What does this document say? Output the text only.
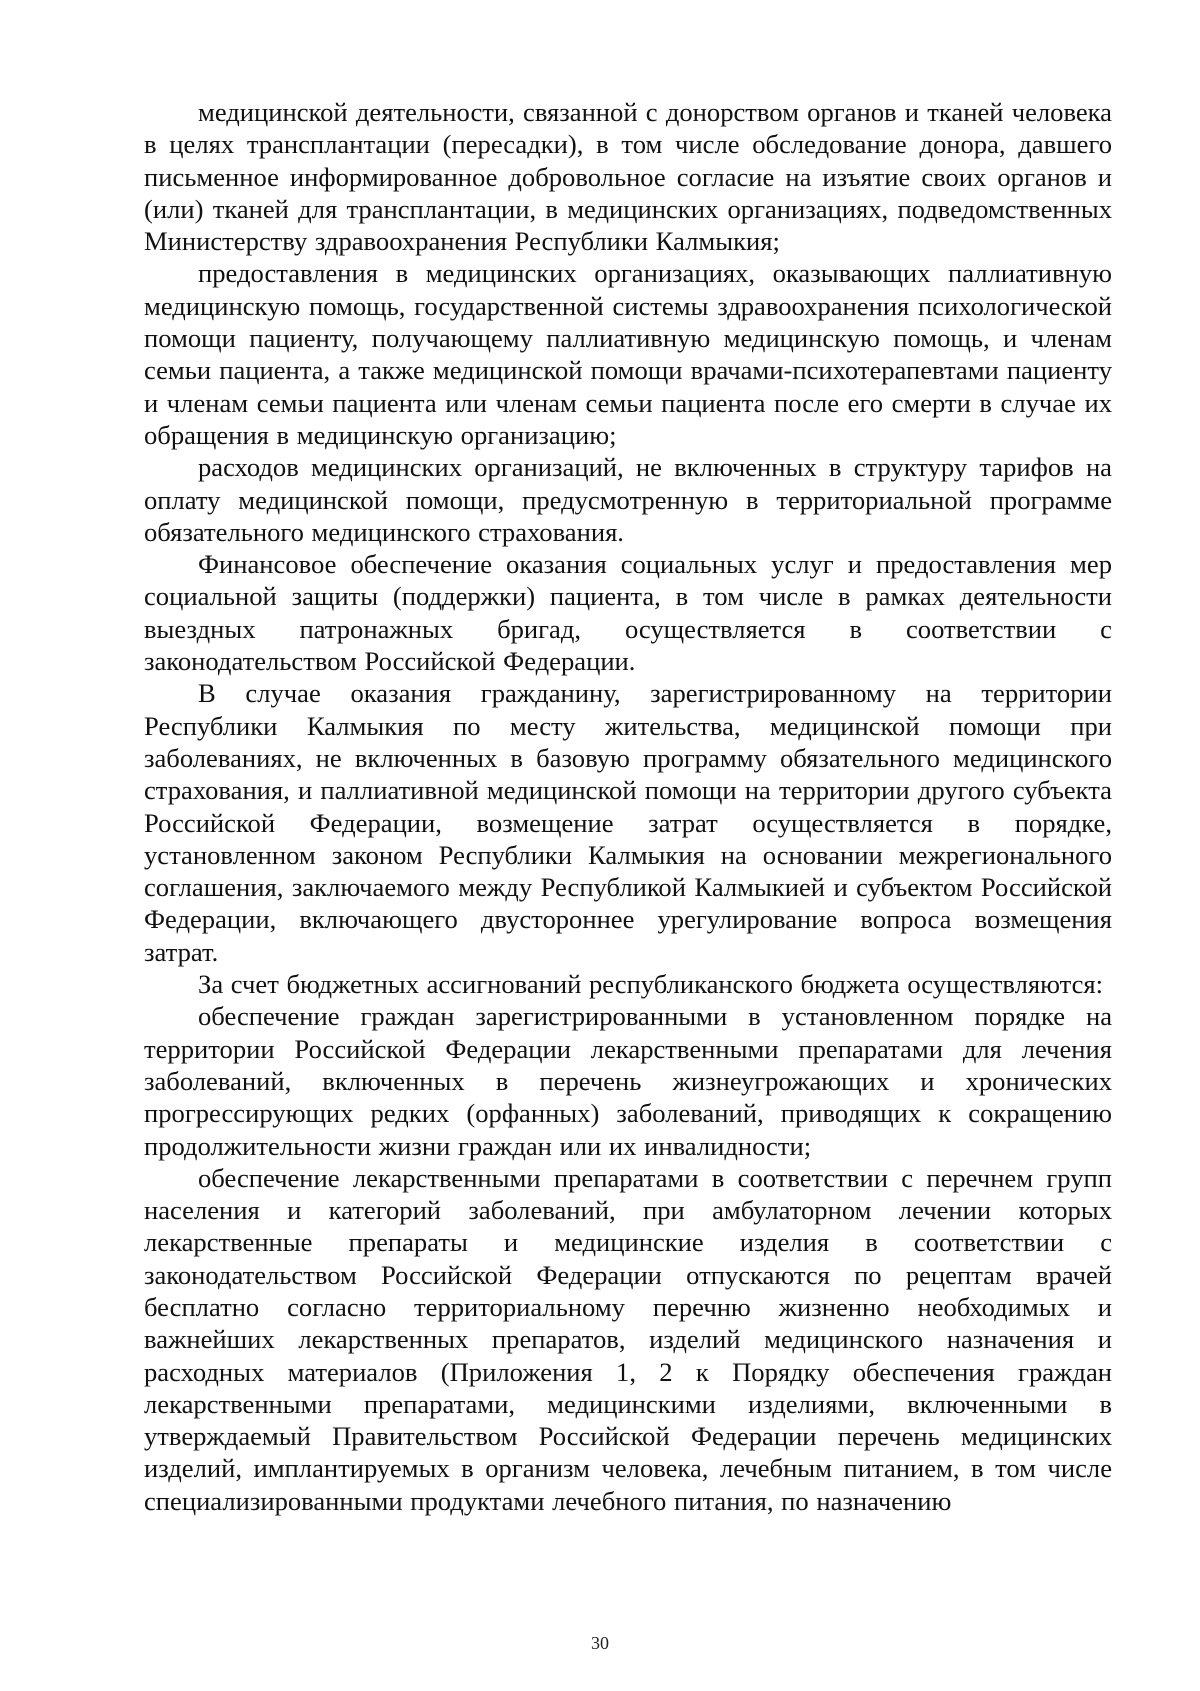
медицинской деятельности, связанной с донорством органов и тканей человека в целях трансплантации (пересадки), в том числе обследование донора, давшего письменное информированное добровольное согласие на изъятие своих органов и (или) тканей для трансплантации, в медицинских организациях, подведомственных Министерству здравоохранения Республики Калмыкия;

предоставления в медицинских организациях, оказывающих паллиативную медицинскую помощь, государственной системы здравоохранения психологической помощи пациенту, получающему паллиативную медицинскую помощь, и членам семьи пациента, а также медицинской помощи врачами-психотерапевтами пациенту и членам семьи пациента или членам семьи пациента после его смерти в случае их обращения в медицинскую организацию;

расходов медицинских организаций, не включенных в структуру тарифов на оплату медицинской помощи, предусмотренную в территориальной программе обязательного медицинского страхования.

Финансовое обеспечение оказания социальных услуг и предоставления мер социальной защиты (поддержки) пациента, в том числе в рамках деятельности выездных патронажных бригад, осуществляется в соответствии с законодательством Российской Федерации.

В случае оказания гражданину, зарегистрированному на территории Республики Калмыкия по месту жительства, медицинской помощи при заболеваниях, не включенных в базовую программу обязательного медицинского страхования, и паллиативной медицинской помощи на территории другого субъекта Российской Федерации, возмещение затрат осуществляется в порядке, установленном законом Республики Калмыкия на основании межрегионального соглашения, заключаемого между Республикой Калмыкией и субъектом Российской Федерации, включающего двустороннее урегулирование вопроса возмещения затрат.

За счет бюджетных ассигнований республиканского бюджета осуществляются:

обеспечение граждан зарегистрированными в установленном порядке на территории Российской Федерации лекарственными препаратами для лечения заболеваний, включенных в перечень жизнеугрожающих и хронических прогрессирующих редких (орфанных) заболеваний, приводящих к сокращению продолжительности жизни граждан или их инвалидности;

обеспечение лекарственными препаратами в соответствии с перечнем групп населения и категорий заболеваний, при амбулаторном лечении которых лекарственные препараты и медицинские изделия в соответствии с законодательством Российской Федерации отпускаются по рецептам врачей бесплатно согласно территориальному перечню жизненно необходимых и важнейших лекарственных препаратов, изделий медицинского назначения и расходных материалов (Приложения 1, 2 к Порядку обеспечения граждан лекарственными препаратами, медицинскими изделиями, включенными в утверждаемый Правительством Российской Федерации перечень медицинских изделий, имплантируемых в организм человека, лечебным питанием, в том числе специализированными продуктами лечебного питания, по назначению

30
